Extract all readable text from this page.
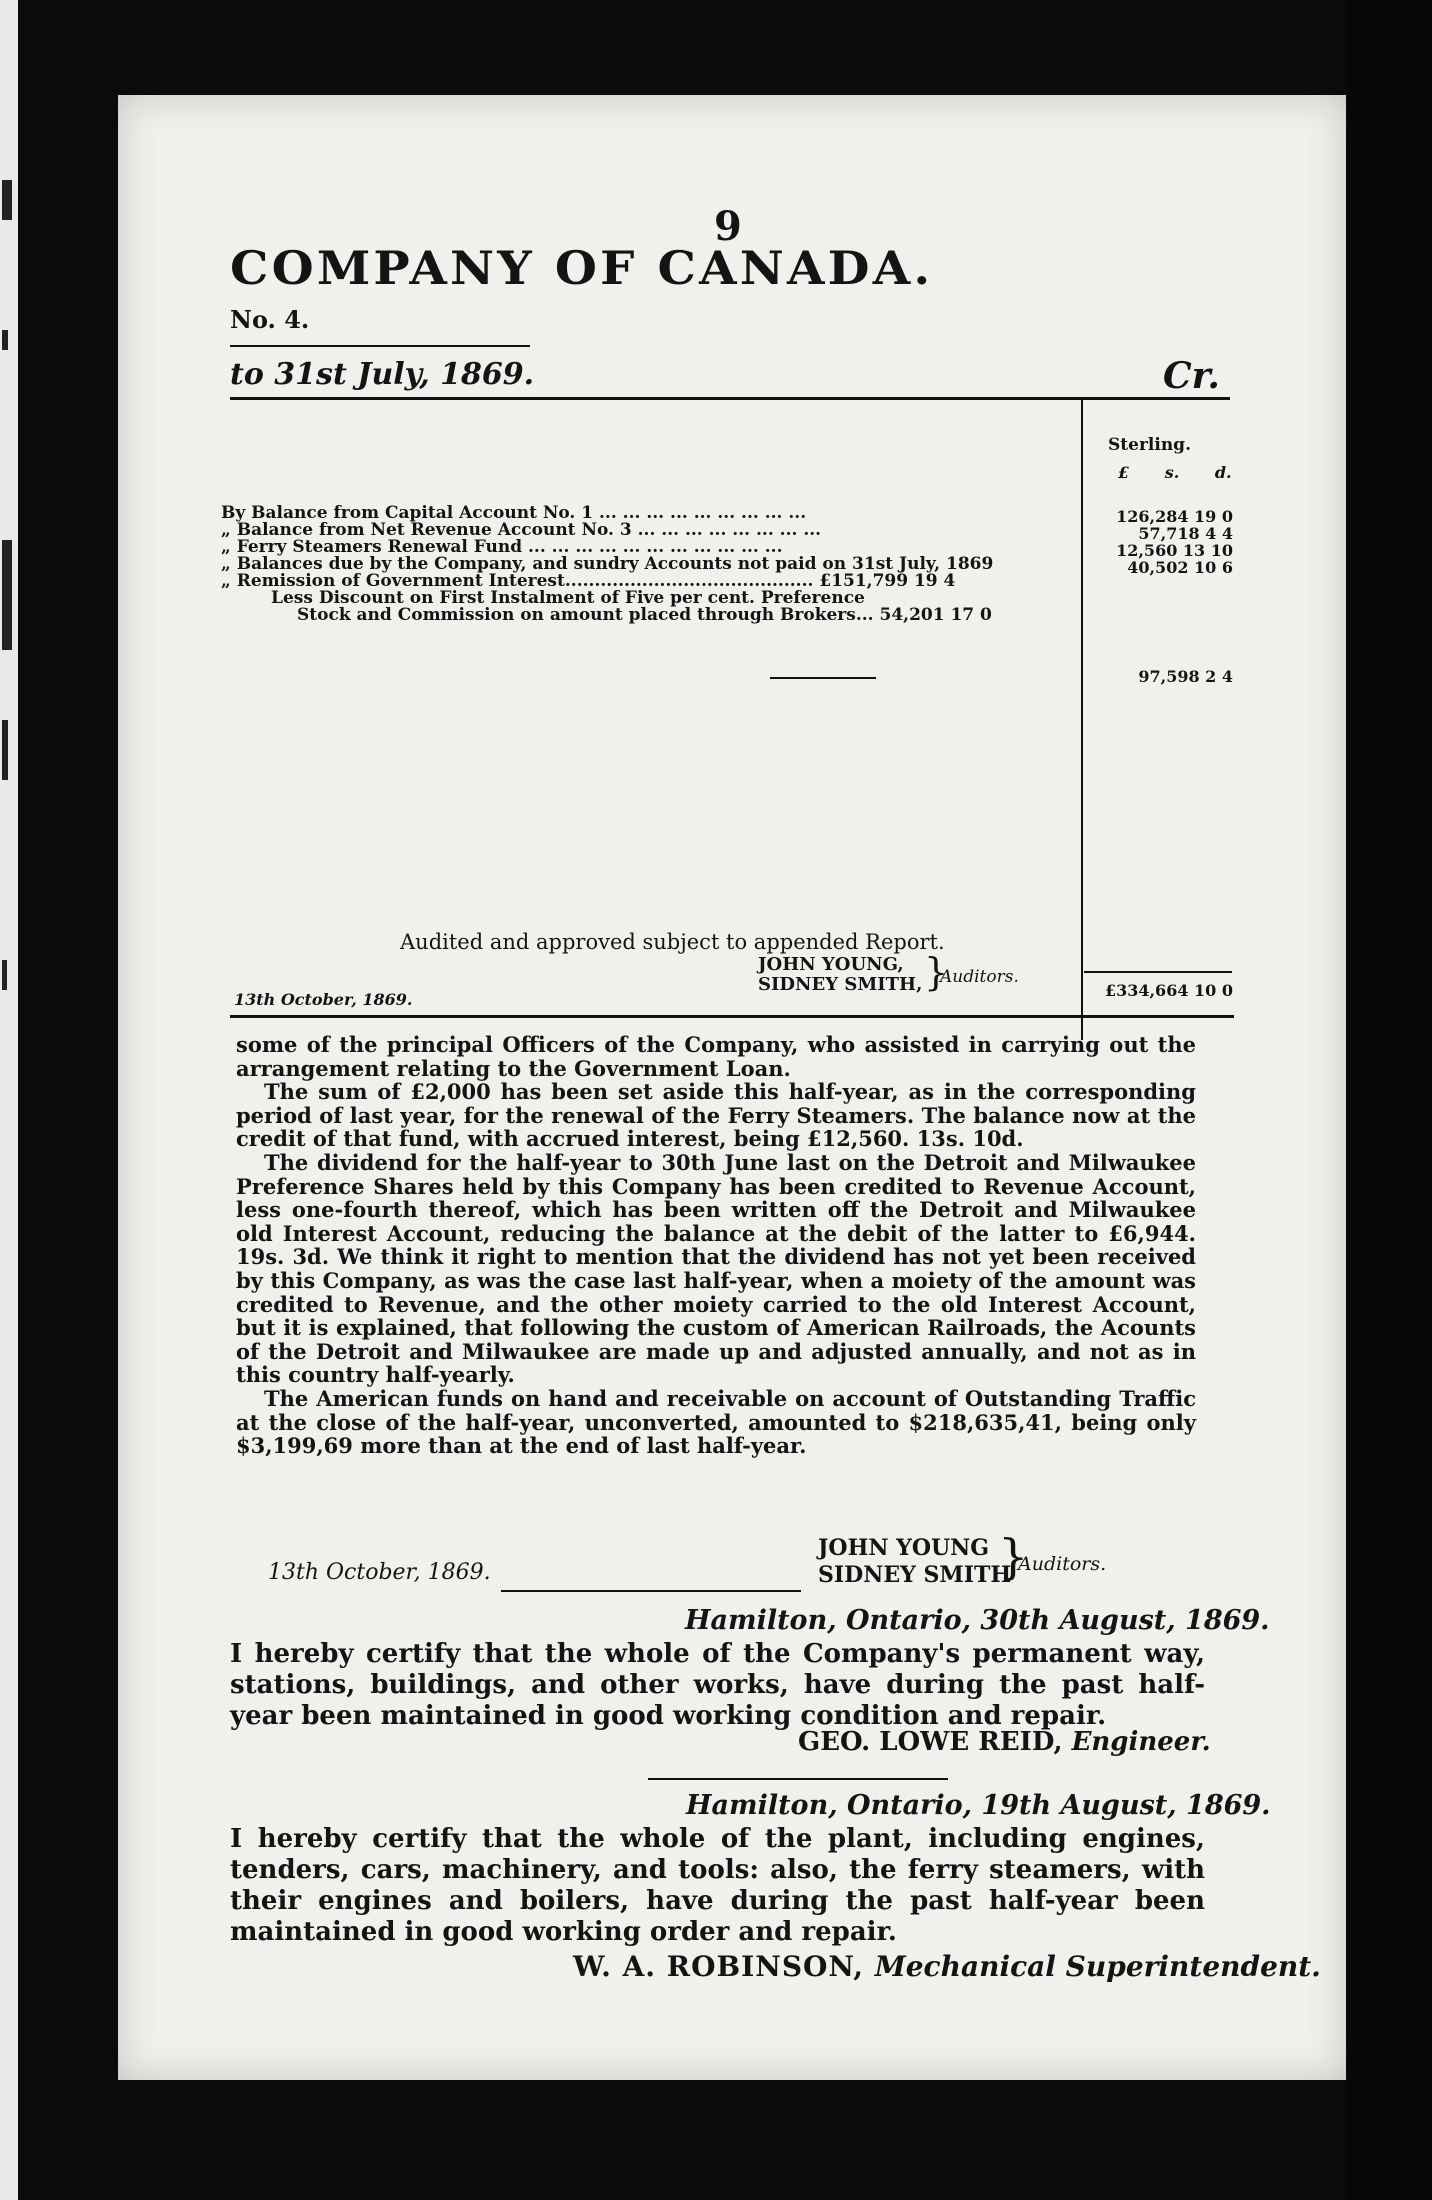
9
COMPANY OF CANADA.
No. 4.
to 31st July, 1869.	Cr.
Sterling.
£ s. d.
By Balance from Capital Account No. 1 ... ... ... ... ... ... ... ... ...
„ Balance from Net Revenue Account No. 3 ... ... ... ... ... ... ... ...
„ Ferry Steamers Renewal Fund ... ... ... ... ... ... ... ... ... ... ...
„ Balances due by the Company, and sundry Accounts not paid on 31st July, 1869
„ Remission of Government Interest.......................................... £151,799 19 4
Less Discount on First Instalment of Five per cent. Preference
Stock and Commission on amount placed through Brokers... 54,201 17 0
126,284 19 0
57,718 4 4
12,560 13 10
40,502 10 6
97,598 2 4
Audited and approved subject to appended Report.
JOHN YOUNG,
SIDNEY SMITH, }
Auditors.
13th October, 1869.	£334,664 10 0

some of the principal Officers of the Company, who assisted in carrying out the arrangement relating to the Government Loan.

The sum of £2,000 has been set aside this half-year, as in the corresponding period of last year, for the renewal of the Ferry Steamers. The balance now at the credit of that fund, with accrued interest, being £12,560. 13s. 10d.

The dividend for the half-year to 30th June last on the Detroit and Milwaukee Preference Shares held by this Company has been credited to Revenue Account, less one-fourth thereof, which has been written off the Detroit and Milwaukee old Interest Account, reducing the balance at the debit of the latter to £6,944. 19s. 3d. We think it right to mention that the dividend has not yet been received by this Company, as was the case last half-year, when a moiety of the amount was credited to Revenue, and the other moiety carried to the old Interest Account, but it is explained, that following the custom of American Railroads, the Acounts of the Detroit and Milwaukee are made up and adjusted annually, and not as in this country half-yearly.

The American funds on hand and receivable on account of Outstanding Traffic at the close of the half-year, unconverted, amounted to $218,635,41, being only $3,199,69 more than at the end of last half-year.

13th October, 1869.
JOHN YOUNG
SIDNEY SMITH
}
Auditors.
Hamilton, Ontario, 30th August, 1869.
I hereby certify that the whole of the Company's permanent way, stations, buildings, and other works, have during the past half-year been maintained in good working condition and repair.
GEO. LOWE REID, Engineer.
Hamilton, Ontario, 19th August, 1869.
I hereby certify that the whole of the plant, including engines, tenders, cars, machinery, and tools: also, the ferry steamers, with their engines and boilers, have during the past half-year been maintained in good working order and repair.
W. A. ROBINSON, Mechanical Superintendent.
